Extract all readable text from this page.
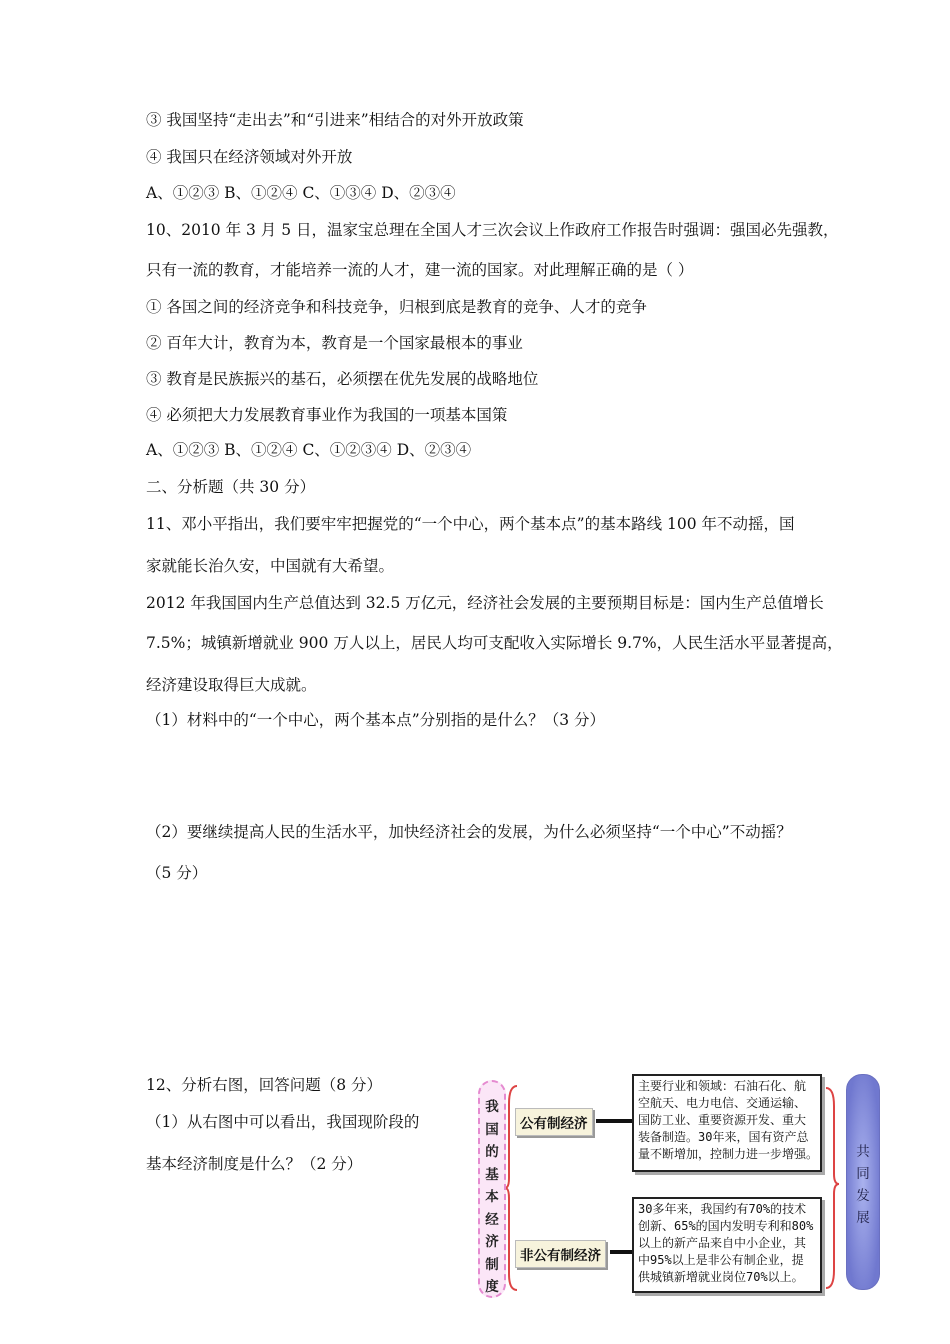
③ 我国坚持“走出去”和“引进来”相结合的对外开放政策
④ 我国只在经济领域对外开放
A、①②③ B、①②④ C、①③④ D、②③④
10、2010 年 3 月 5 日，温家宝总理在全国人才三次会议上作政府工作报告时强调：强国必先强教，
只有一流的教育，才能培养一流的人才，建一流的国家。对此理解正确的是（ ）
① 各国之间的经济竞争和科技竞争，归根到底是教育的竞争、人才的竞争
② 百年大计，教育为本，教育是一个国家最根本的事业
③ 教育是民族振兴的基石，必须摆在优先发展的战略地位
④ 必须把大力发展教育事业作为我国的一项基本国策
A、①②③ B、①②④ C、①②③④ D、②③④
二、分析题（共 30 分）
11、邓小平指出，我们要牢牢把握党的“一个中心，两个基本点”的基本路线 100 年不动摇，国
家就能长治久安，中国就有大希望。
2012 年我国国内生产总值达到 32.5 万亿元，经济社会发展的主要预期目标是：国内生产总值增长
7.5%；城镇新增就业 900 万人以上，居民人均可支配收入实际增长 9.7%，人民生活水平显著提高，
经济建设取得巨大成就。
（1）材料中的“一个中心，两个基本点”分别指的是什么？（3 分）
（2）要继续提高人民的生活水平，加快经济社会的发展，为什么必须坚持“一个中心”不动摇？
（5 分）
12、分析右图，回答问题（8 分）
（1）从右图中可以看出，我国现阶段的
基本经济制度是什么？（2 分）
我
国
的
基
本
经
济
制
度
公有制经济
主要行业和领域：石油石化、航
空航天、电力电信、交通运输、
国防工业、重要资源开发、重大
装备制造。30年来，国有资产总
量不断增加，控制力进一步增强。
非公有制经济
30多年来，我国约有70%的技术
创新、65%的国内发明专利和80%
以上的新产品来自中小企业，其
中95%以上是非公有制企业，提
供城镇新增就业岗位70%以上。
共
同
发
展
